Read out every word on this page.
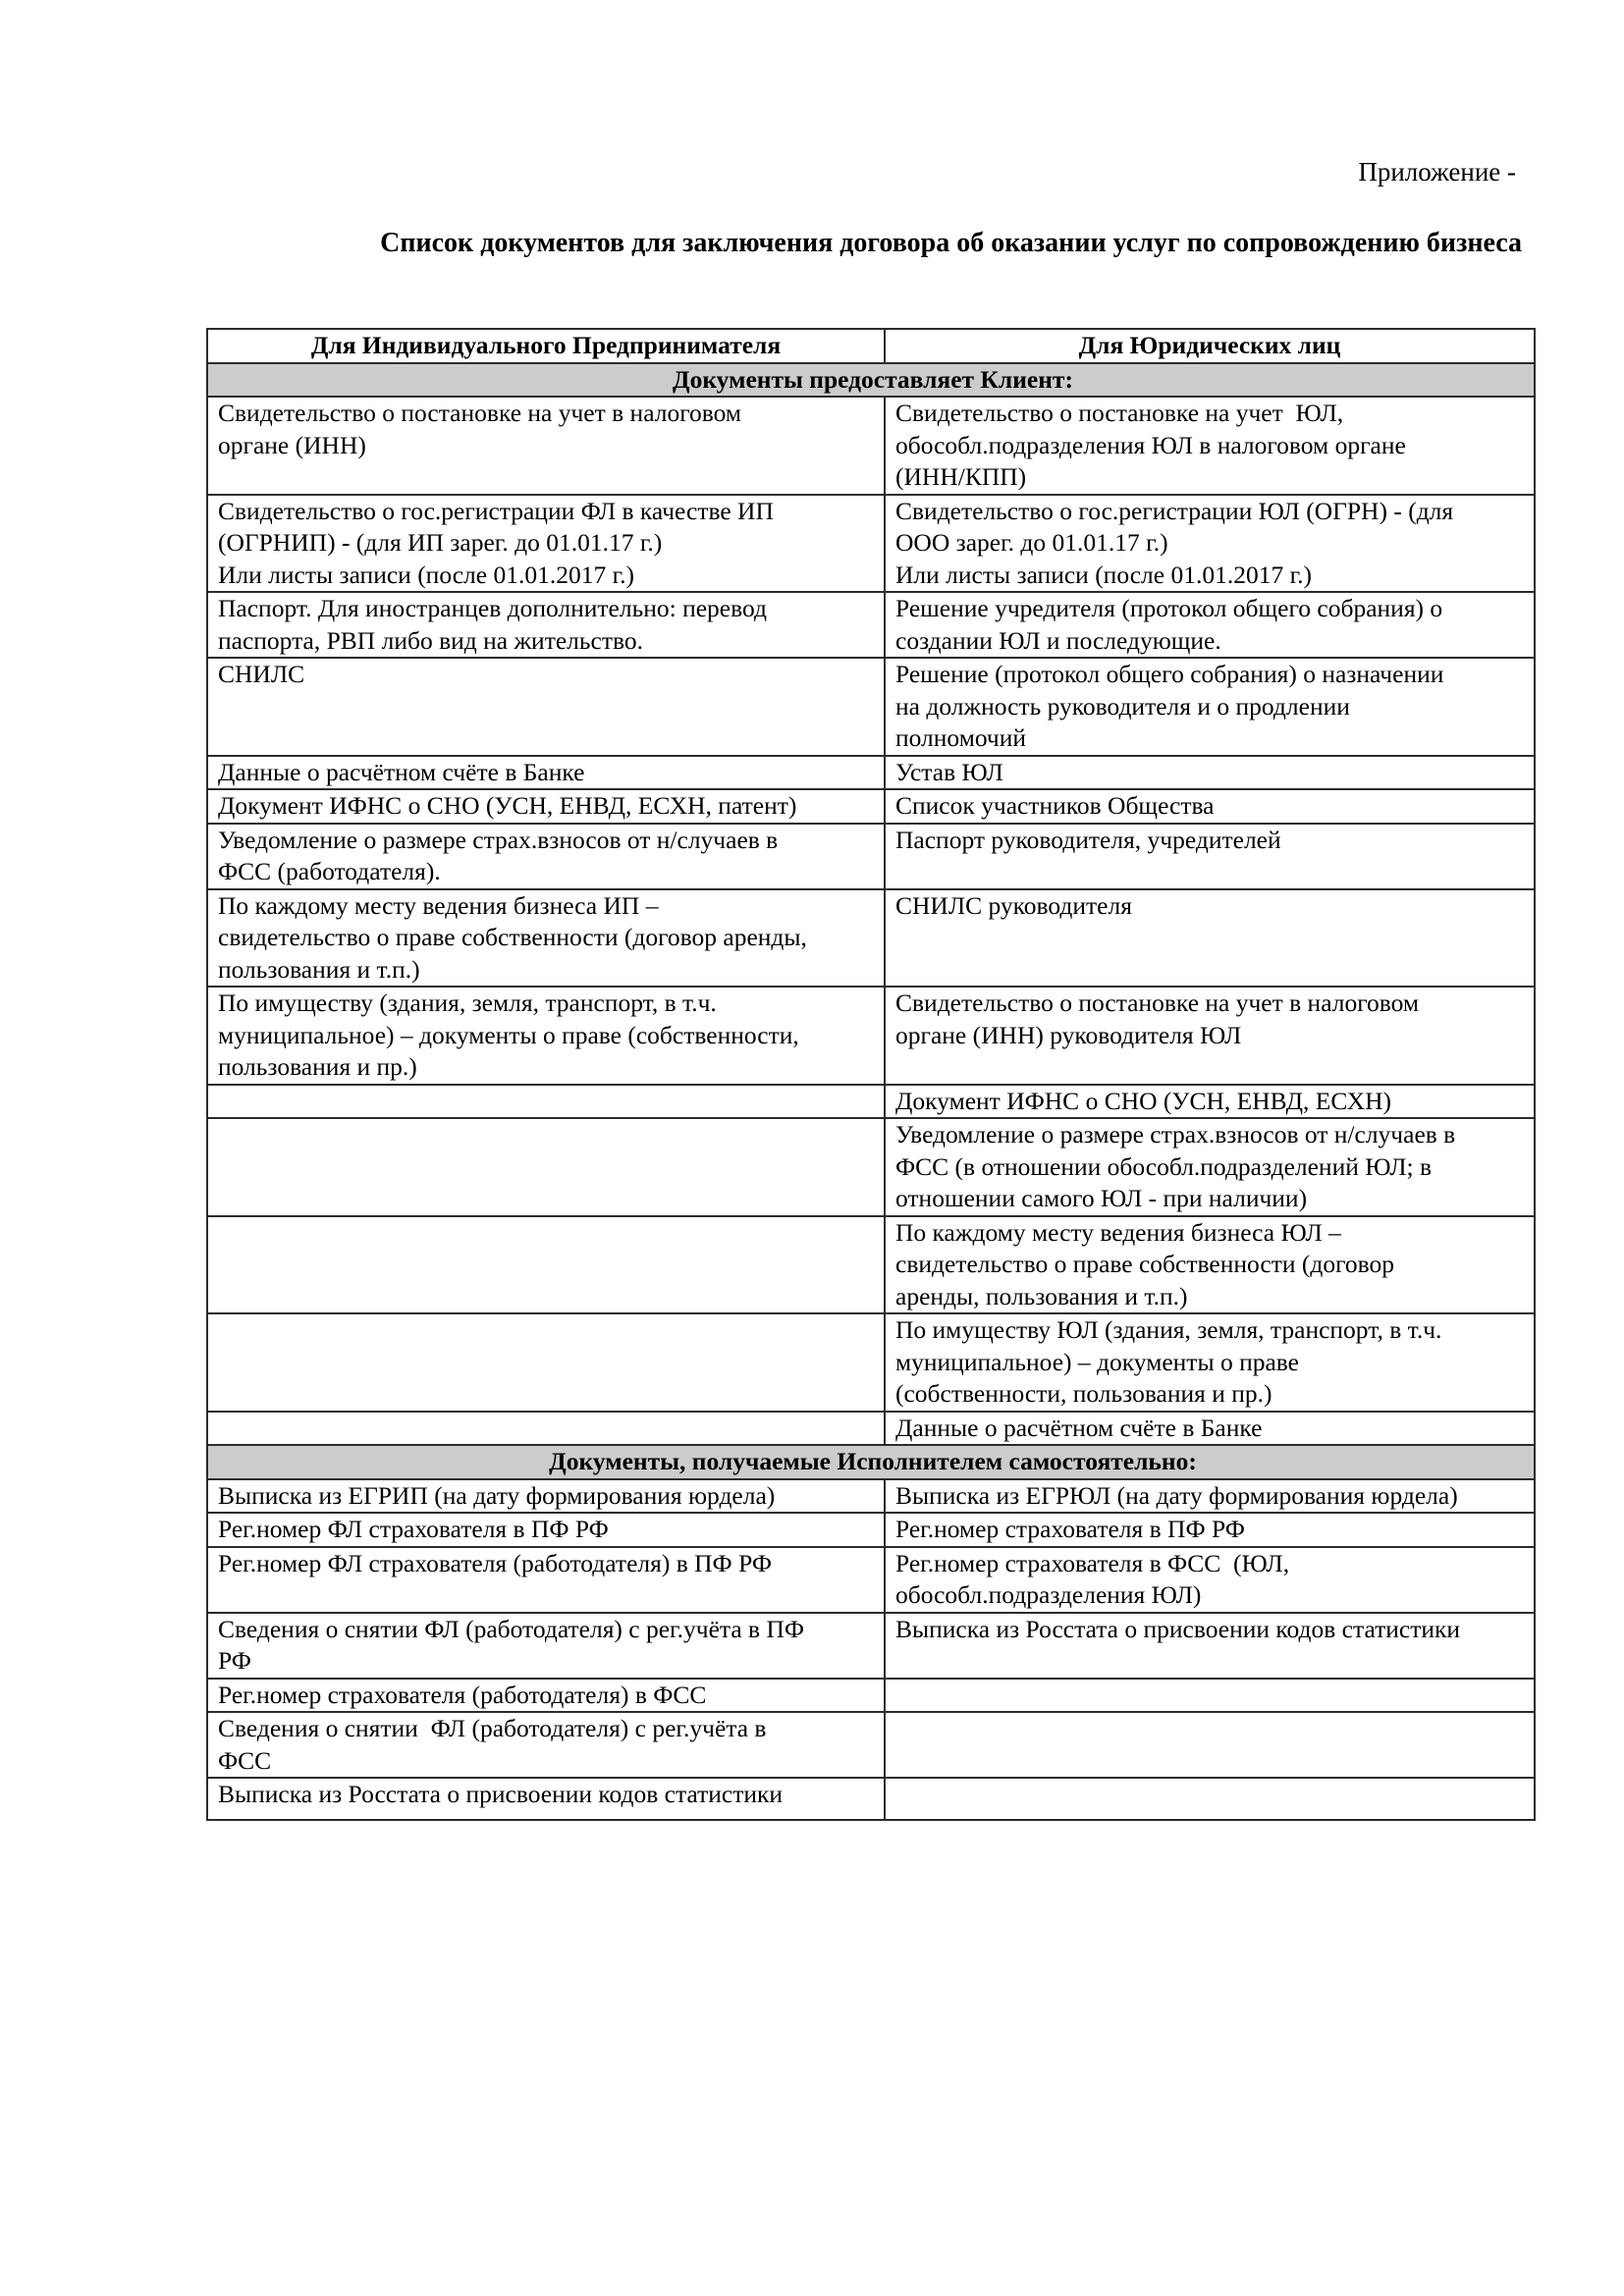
Приложение -
Список документов для заключения договора об оказании услуг по сопровождению бизнеса
Для Индивидуального Предпринимателя	Для Юридических лиц
Документы предоставляет Клиент:	
Свидетельство о постановке на учет в налоговом
органе (ИНН)	Свидетельство о постановке на учет  ЮЛ,
обособл.подразделения ЮЛ в налоговом органе
(ИНН/КПП)
Свидетельство о гос.регистрации ФЛ в качестве ИП
(ОГРНИП) - (для ИП зарег. до 01.01.17 г.)
Или листы записи (после 01.01.2017 г.)	Свидетельство о гос.регистрации ЮЛ (ОГРН) - (для
ООО зарег. до 01.01.17 г.)
Или листы записи (после 01.01.2017 г.)
Паспорт. Для иностранцев дополнительно: перевод
паспорта, РВП либо вид на жительство.	Решение учредителя (протокол общего собрания) о
создании ЮЛ и последующие.
СНИЛС	Решение (протокол общего собрания) о назначении
на должность руководителя и о продлении
полномочий
Данные о расчётном счёте в Банке	Устав ЮЛ
Документ ИФНС о СНО (УСН, ЕНВД, ЕСХН, патент)	Список участников Общества
Уведомление о размере страх.взносов от н/случаев в
ФСС (работодателя).	Паспорт руководителя, учредителей
По каждому месту ведения бизнеса ИП –
свидетельство о праве собственности (договор аренды,
пользования и т.п.)	СНИЛС руководителя
По имуществу (здания, земля, транспорт, в т.ч.
муниципальное) – документы о праве (собственности,
пользования и пр.)	Свидетельство о постановке на учет в налоговом
органе (ИНН) руководителя ЮЛ
	Документ ИФНС о СНО (УСН, ЕНВД, ЕСХН)
	Уведомление о размере страх.взносов от н/случаев в
ФСС (в отношении обособл.подразделений ЮЛ; в
отношении самого ЮЛ - при наличии)
	По каждому месту ведения бизнеса ЮЛ –
свидетельство о праве собственности (договор
аренды, пользования и т.п.)
	По имуществу ЮЛ (здания, земля, транспорт, в т.ч.
муниципальное) – документы о праве
(собственности, пользования и пр.)
	Данные о расчётном счёте в Банке
Документы, получаемые Исполнителем самостоятельно:	
Выписка из ЕГРИП (на дату формирования юрдела)	Выписка из ЕГРЮЛ (на дату формирования юрдела)
Рег.номер ФЛ страхователя в ПФ РФ	Рег.номер страхователя в ПФ РФ
Рег.номер ФЛ страхователя (работодателя) в ПФ РФ	Рег.номер страхователя в ФСС  (ЮЛ,
обособл.подразделения ЮЛ)
Сведения о снятии ФЛ (работодателя) с рег.учёта в ПФ
РФ	Выписка из Росстата о присвоении кодов статистики
Рег.номер страхователя (работодателя) в ФСС	
Сведения о снятии  ФЛ (работодателя) с рег.учёта в
ФСС	
Выписка из Росстата о присвоении кодов статистики	
